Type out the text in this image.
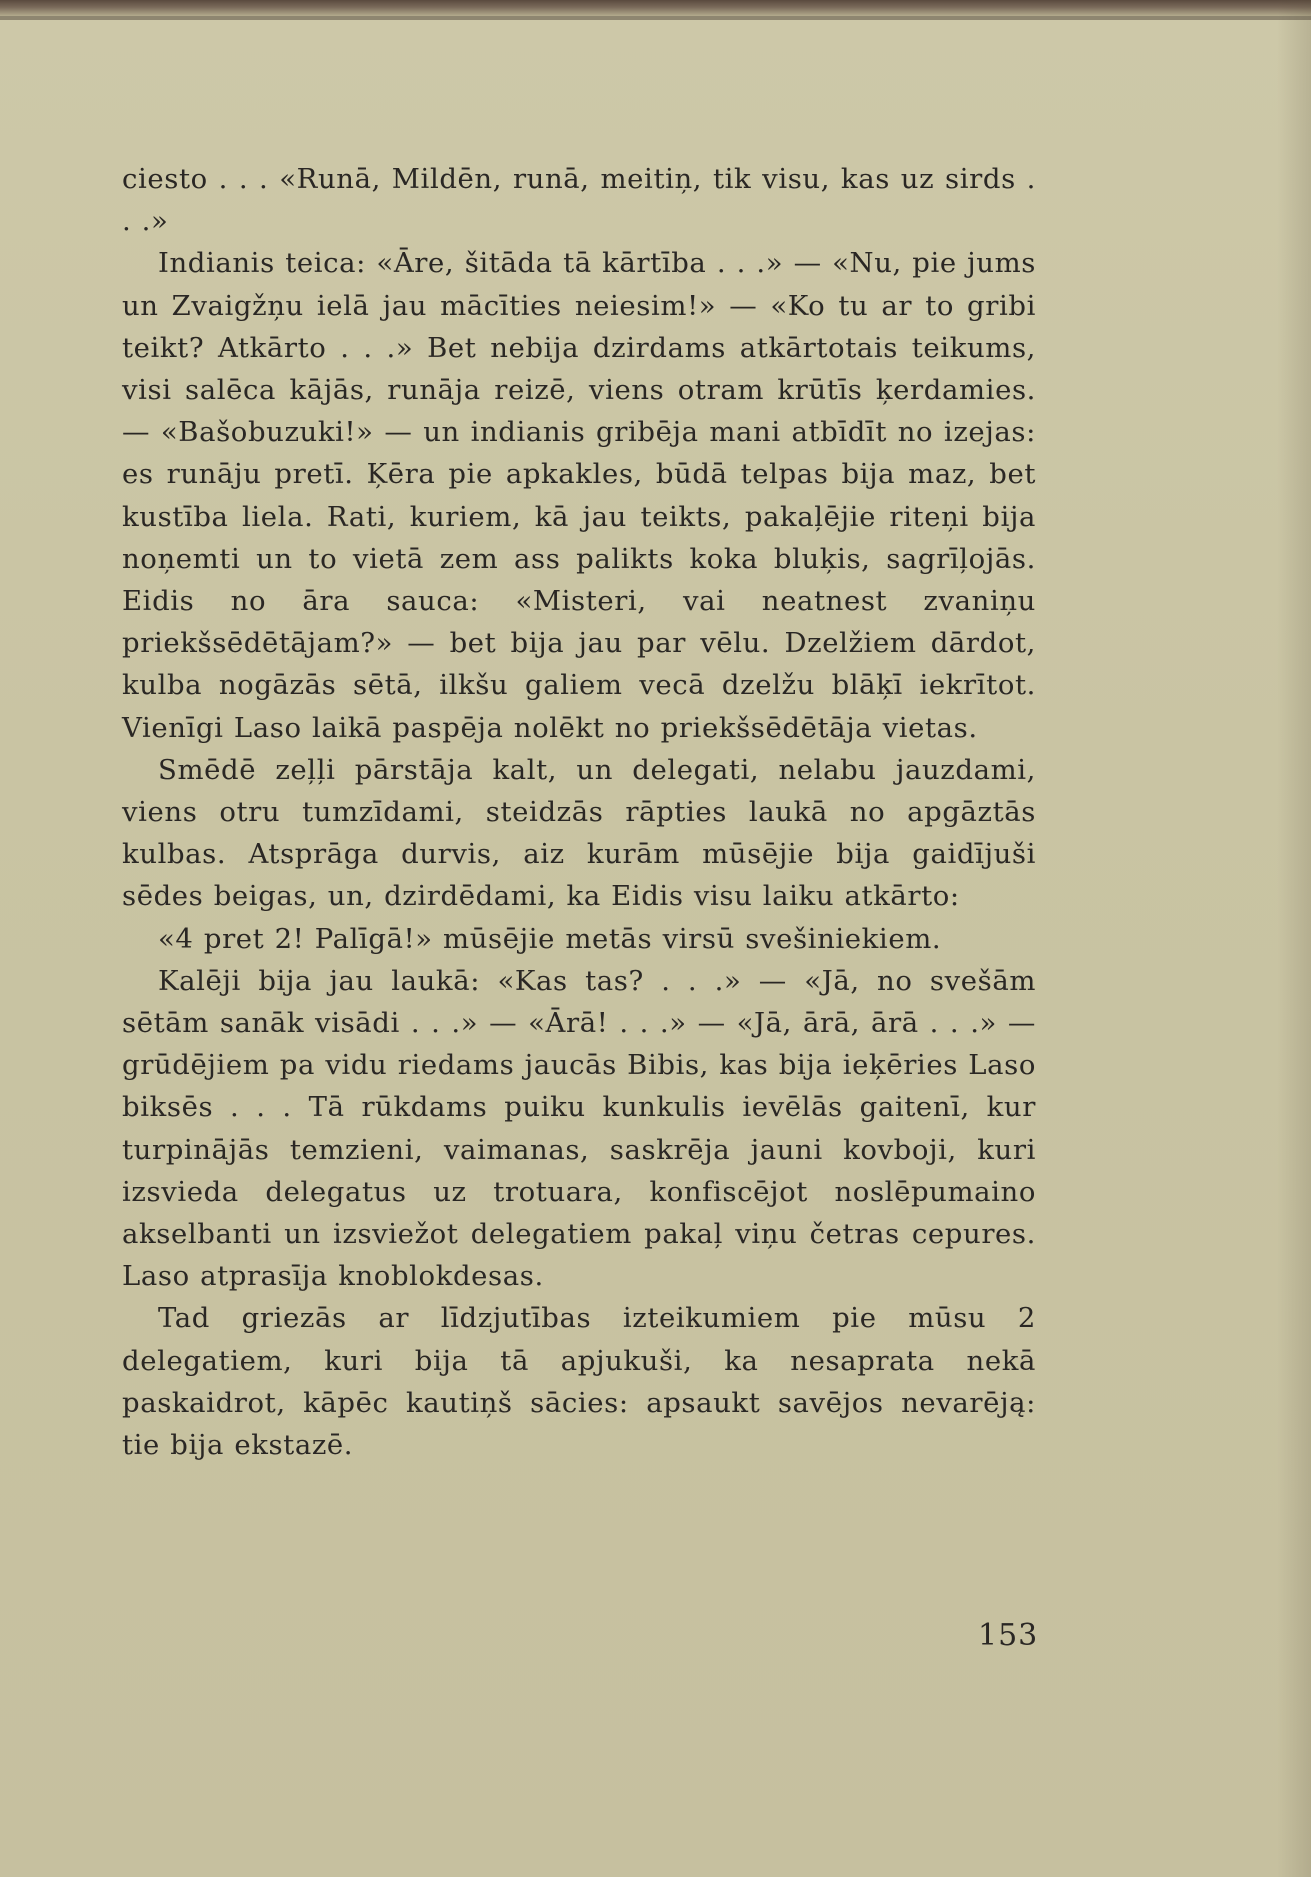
ciesto . . . «Runā, Mildēn, runā, meitiņ, tik visu, kas uz sirds . . .»

Indianis teica: «Āre, šitāda tā kārtība . . .» — «Nu, pie jums un Zvaigžņu ielā jau mācīties neiesim!» — «Ko tu ar to gribi teikt? Atkārto . . .» Bet nebija dzirdams atkārtotais teikums, visi salēca kājās, runāja reizē, viens otram krūtīs ķerdamies. — «Bašobuzuki!» — un indianis gribēja mani atbīdīt no izejas: es runāju pretī. Ķēra pie apkakles, būdā telpas bija maz, bet kustība liela. Rati, kuriem, kā jau teikts, pakaļējie riteņi bija noņemti un to vietā zem ass palikts koka bluķis, sagrīļojās. Eidis no āra sauca: «Misteri, vai neatnest zvaniņu priekšsēdētājam?» — bet bija jau par vēlu. Dzelžiem dārdot, kulba nogāzās sētā, ilkšu galiem vecā dzelžu blāķī iekrītot. Vienīgi Laso laikā paspēja nolēkt no priekšsēdētāja vietas.

Smēdē zeļļi pārstāja kalt, un delegati, nelabu jauzdami, viens otru tumzīdami, steidzās rāpties laukā no apgāztās kulbas. Atsprāga durvis, aiz kurām mūsējie bija gaidījuši sēdes beigas, un, dzirdēdami, ka Eidis visu laiku atkārto:

«4 pret 2! Palīgā!» mūsējie metās virsū svešiniekiem.

Kalēji bija jau laukā: «Kas tas? . . .» — «Jā, no svešām sētām sanāk visādi . . .» — «Ārā! . . .» — «Jā, ārā, ārā . . .» — grūdējiem pa vidu riedams jaucās Bibis, kas bija ieķēries Laso biksēs . . . Tā rūkdams puiku kunkulis ievēlās gaitenī, kur turpinājās temzieni, vaimanas, saskrēja jauni kovboji, kuri izsvieda delegatus uz trotuara, konfiscējot noslēpumaino akselbanti un izsviežot delegatiem pakaļ viņu četras cepures. Laso atprasīja knoblokdesas.

Tad griezās ar līdzjutības izteikumiem pie mūsu 2 delegatiem, kuri bija tā apjukuši, ka nesaprata nekā paskaidrot, kāpēc kautiņš sācies: apsaukt savējos nevarēją: tie bija ekstazē.

153
